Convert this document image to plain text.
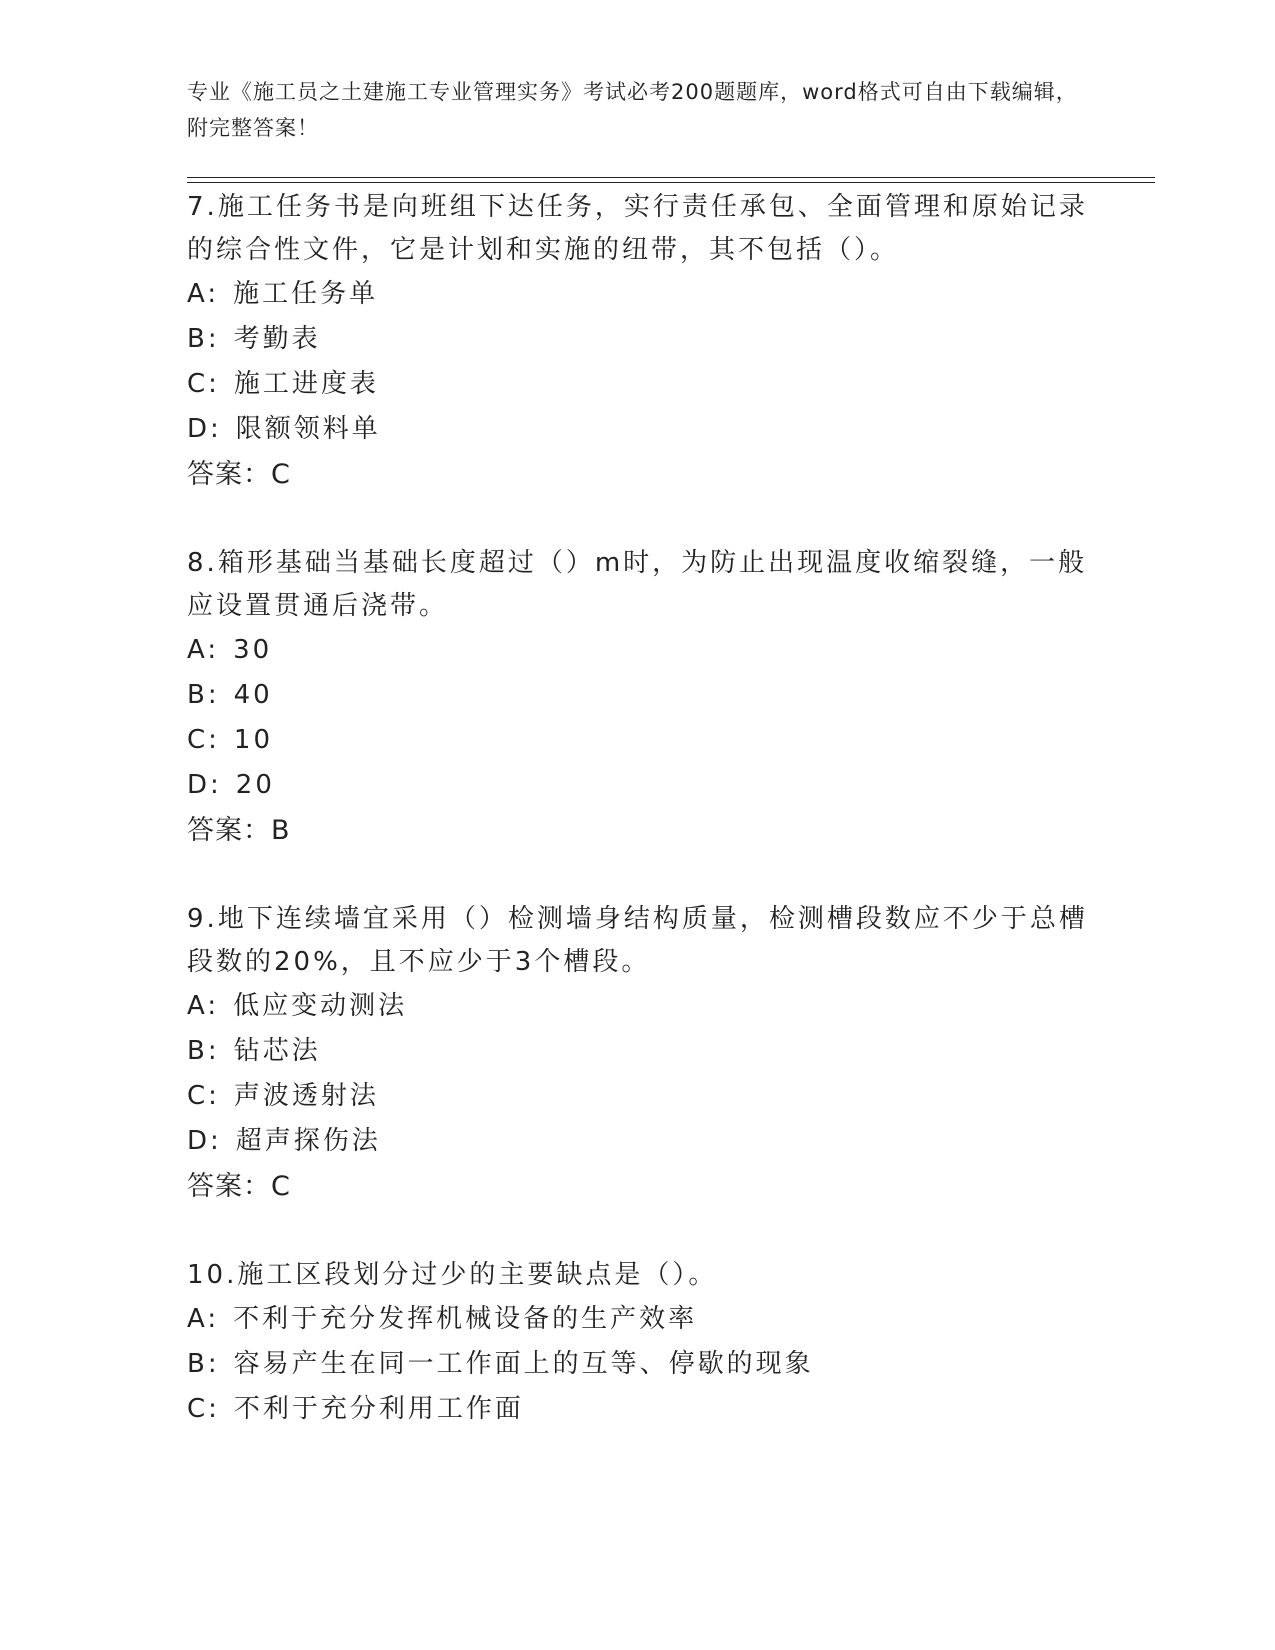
专业《施工员之土建施工专业管理实务》考试必考200题题库，word格式可自由下载编辑，附完整答案！

7.施工任务书是向班组下达任务，实行责任承包、全面管理和原始记录的综合性文件，它是计划和实施的纽带，其不包括（）。

A: 施工任务单

B: 考勤表

C: 施工进度表

D: 限额领料单

答案：C

8.箱形基础当基础长度超过（）m时，为防止出现温度收缩裂缝，一般应设置贯通后浇带。

A: 30

B: 40

C: 10

D: 20

答案：B

9.地下连续墙宜采用（）检测墙身结构质量，检测槽段数应不少于总槽段数的20%，且不应少于3个槽段。

A: 低应变动测法

B: 钻芯法

C: 声波透射法

D: 超声探伤法

答案：C

10.施工区段划分过少的主要缺点是（）。

A: 不利于充分发挥机械设备的生产效率

B: 容易产生在同一工作面上的互等、停歇的现象

C: 不利于充分利用工作面
